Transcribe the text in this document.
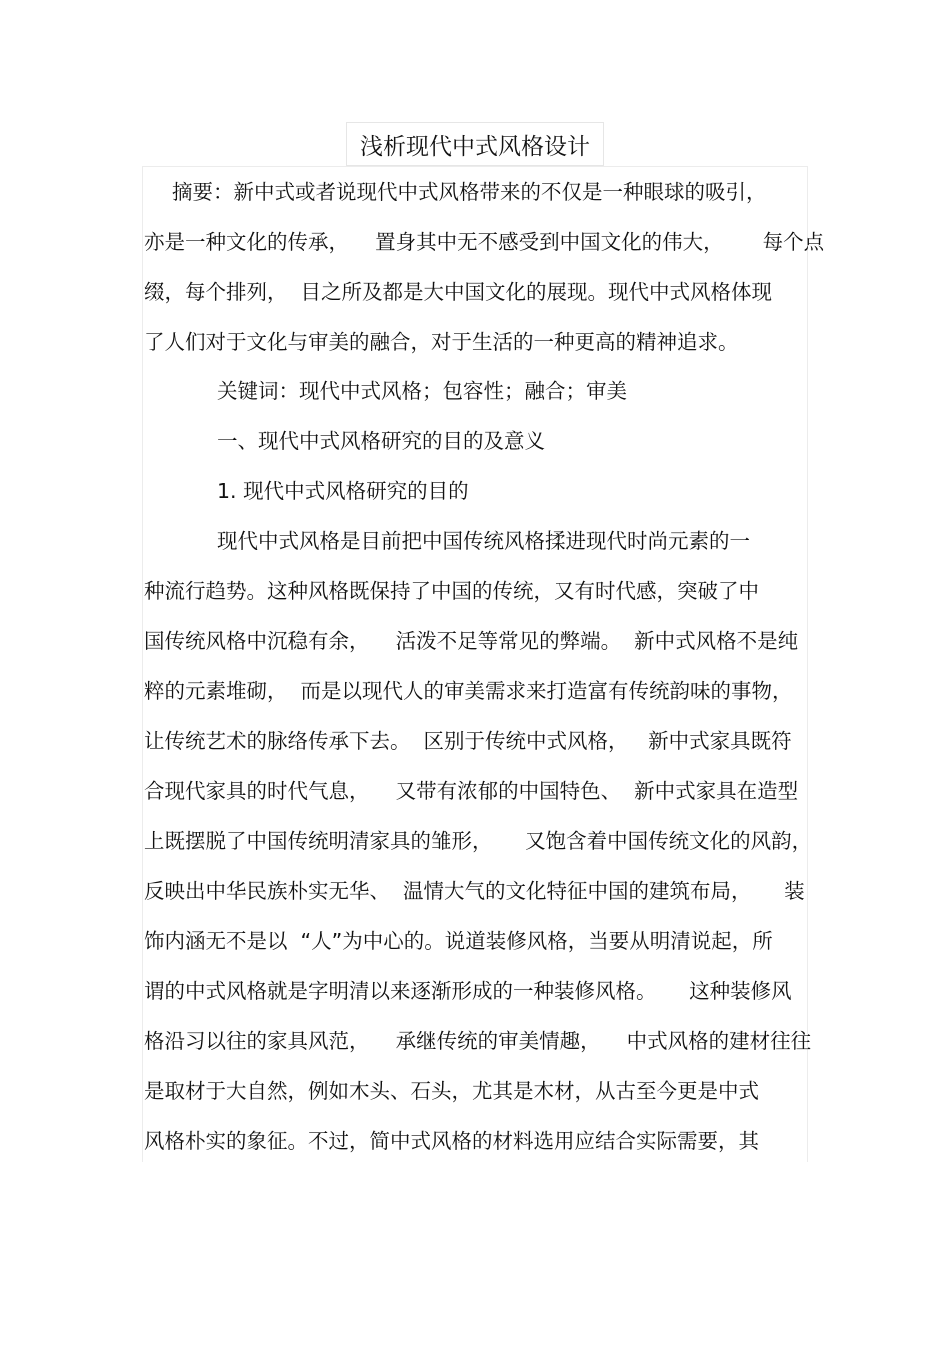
浅析现代中式风格设计
摘要：新中式或者说现代中式风格带来的不仅是一种眼球的吸引，
亦是一种文化的传承，    置身其中无不感受到中国文化的伟大，      每个点
缀，每个排列，  目之所及都是大中国文化的展现。现代中式风格体现
了人们对于文化与审美的融合，对于生活的一种更高的精神追求。
关键词：现代中式风格；包容性；融合；审美
一、现代中式风格研究的目的及意义
1. 现代中式风格研究的目的
现代中式风格是目前把中国传统风格揉进现代时尚元素的一
种流行趋势。这种风格既保持了中国的传统，又有时代感，突破了中
国传统风格中沉稳有余，    活泼不足等常见的弊端。  新中式风格不是纯
粹的元素堆砌，  而是以现代人的审美需求来打造富有传统韵味的事物，
让传统艺术的脉络传承下去。  区别于传统中式风格，   新中式家具既符
合现代家具的时代气息，    又带有浓郁的中国特色、  新中式家具在造型
上既摆脱了中国传统明清家具的雏形，     又饱含着中国传统文化的风韵，
反映出中华民族朴实无华、  温情大气的文化特征中国的建筑布局，     装
饰内涵无不是以  “人”为中心的。说道装修风格，当要从明清说起，所
谓的中式风格就是字明清以来逐渐形成的一种装修风格。     这种装修风
格沿习以往的家具风范，    承继传统的审美情趣，    中式风格的建材往往
是取材于大自然，例如木头、石头，尤其是木材，从古至今更是中式
风格朴实的象征。不过，简中式风格的材料选用应结合实际需要，其
